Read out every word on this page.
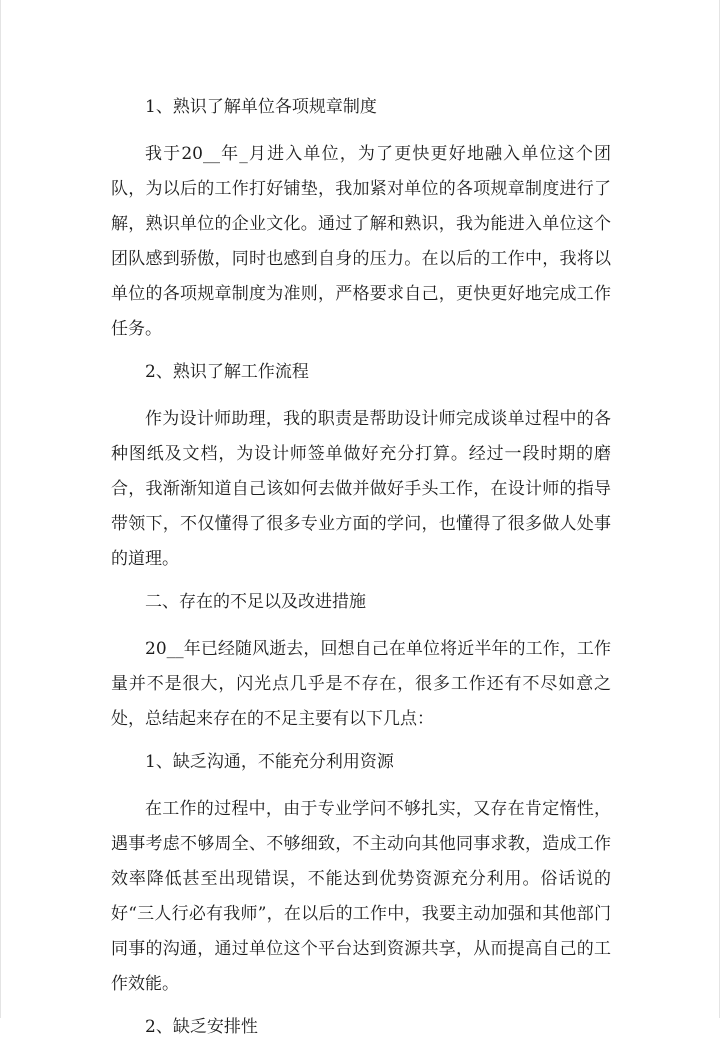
1、熟识了解单位各项规章制度

我于20__年_月进入单位，为了更快更好地融入单位这个团队，为以后的工作打好铺垫，我加紧对单位的各项规章制度进行了解，熟识单位的企业文化。通过了解和熟识，我为能进入单位这个团队感到骄傲，同时也感到自身的压力。在以后的工作中，我将以单位的各项规章制度为准则，严格要求自己，更快更好地完成工作任务。

2、熟识了解工作流程

作为设计师助理，我的职责是帮助设计师完成谈单过程中的各种图纸及文档，为设计师签单做好充分打算。经过一段时期的磨合，我渐渐知道自己该如何去做并做好手头工作，在设计师的指导带领下，不仅懂得了很多专业方面的学问，也懂得了很多做人处事的道理。

二、存在的不足以及改进措施

20__年已经随风逝去，回想自己在单位将近半年的工作，工作量并不是很大，闪光点几乎是不存在，很多工作还有不尽如意之处，总结起来存在的不足主要有以下几点：

1、缺乏沟通，不能充分利用资源

在工作的过程中，由于专业学问不够扎实，又存在肯定惰性，遇事考虑不够周全、不够细致，不主动向其他同事求教，造成工作效率降低甚至出现错误，不能达到优势资源充分利用。俗话说的好“三人行必有我师”，在以后的工作中，我要主动加强和其他部门同事的沟通，通过单位这个平台达到资源共享，从而提高自己的工作效能。

2、缺乏安排性
